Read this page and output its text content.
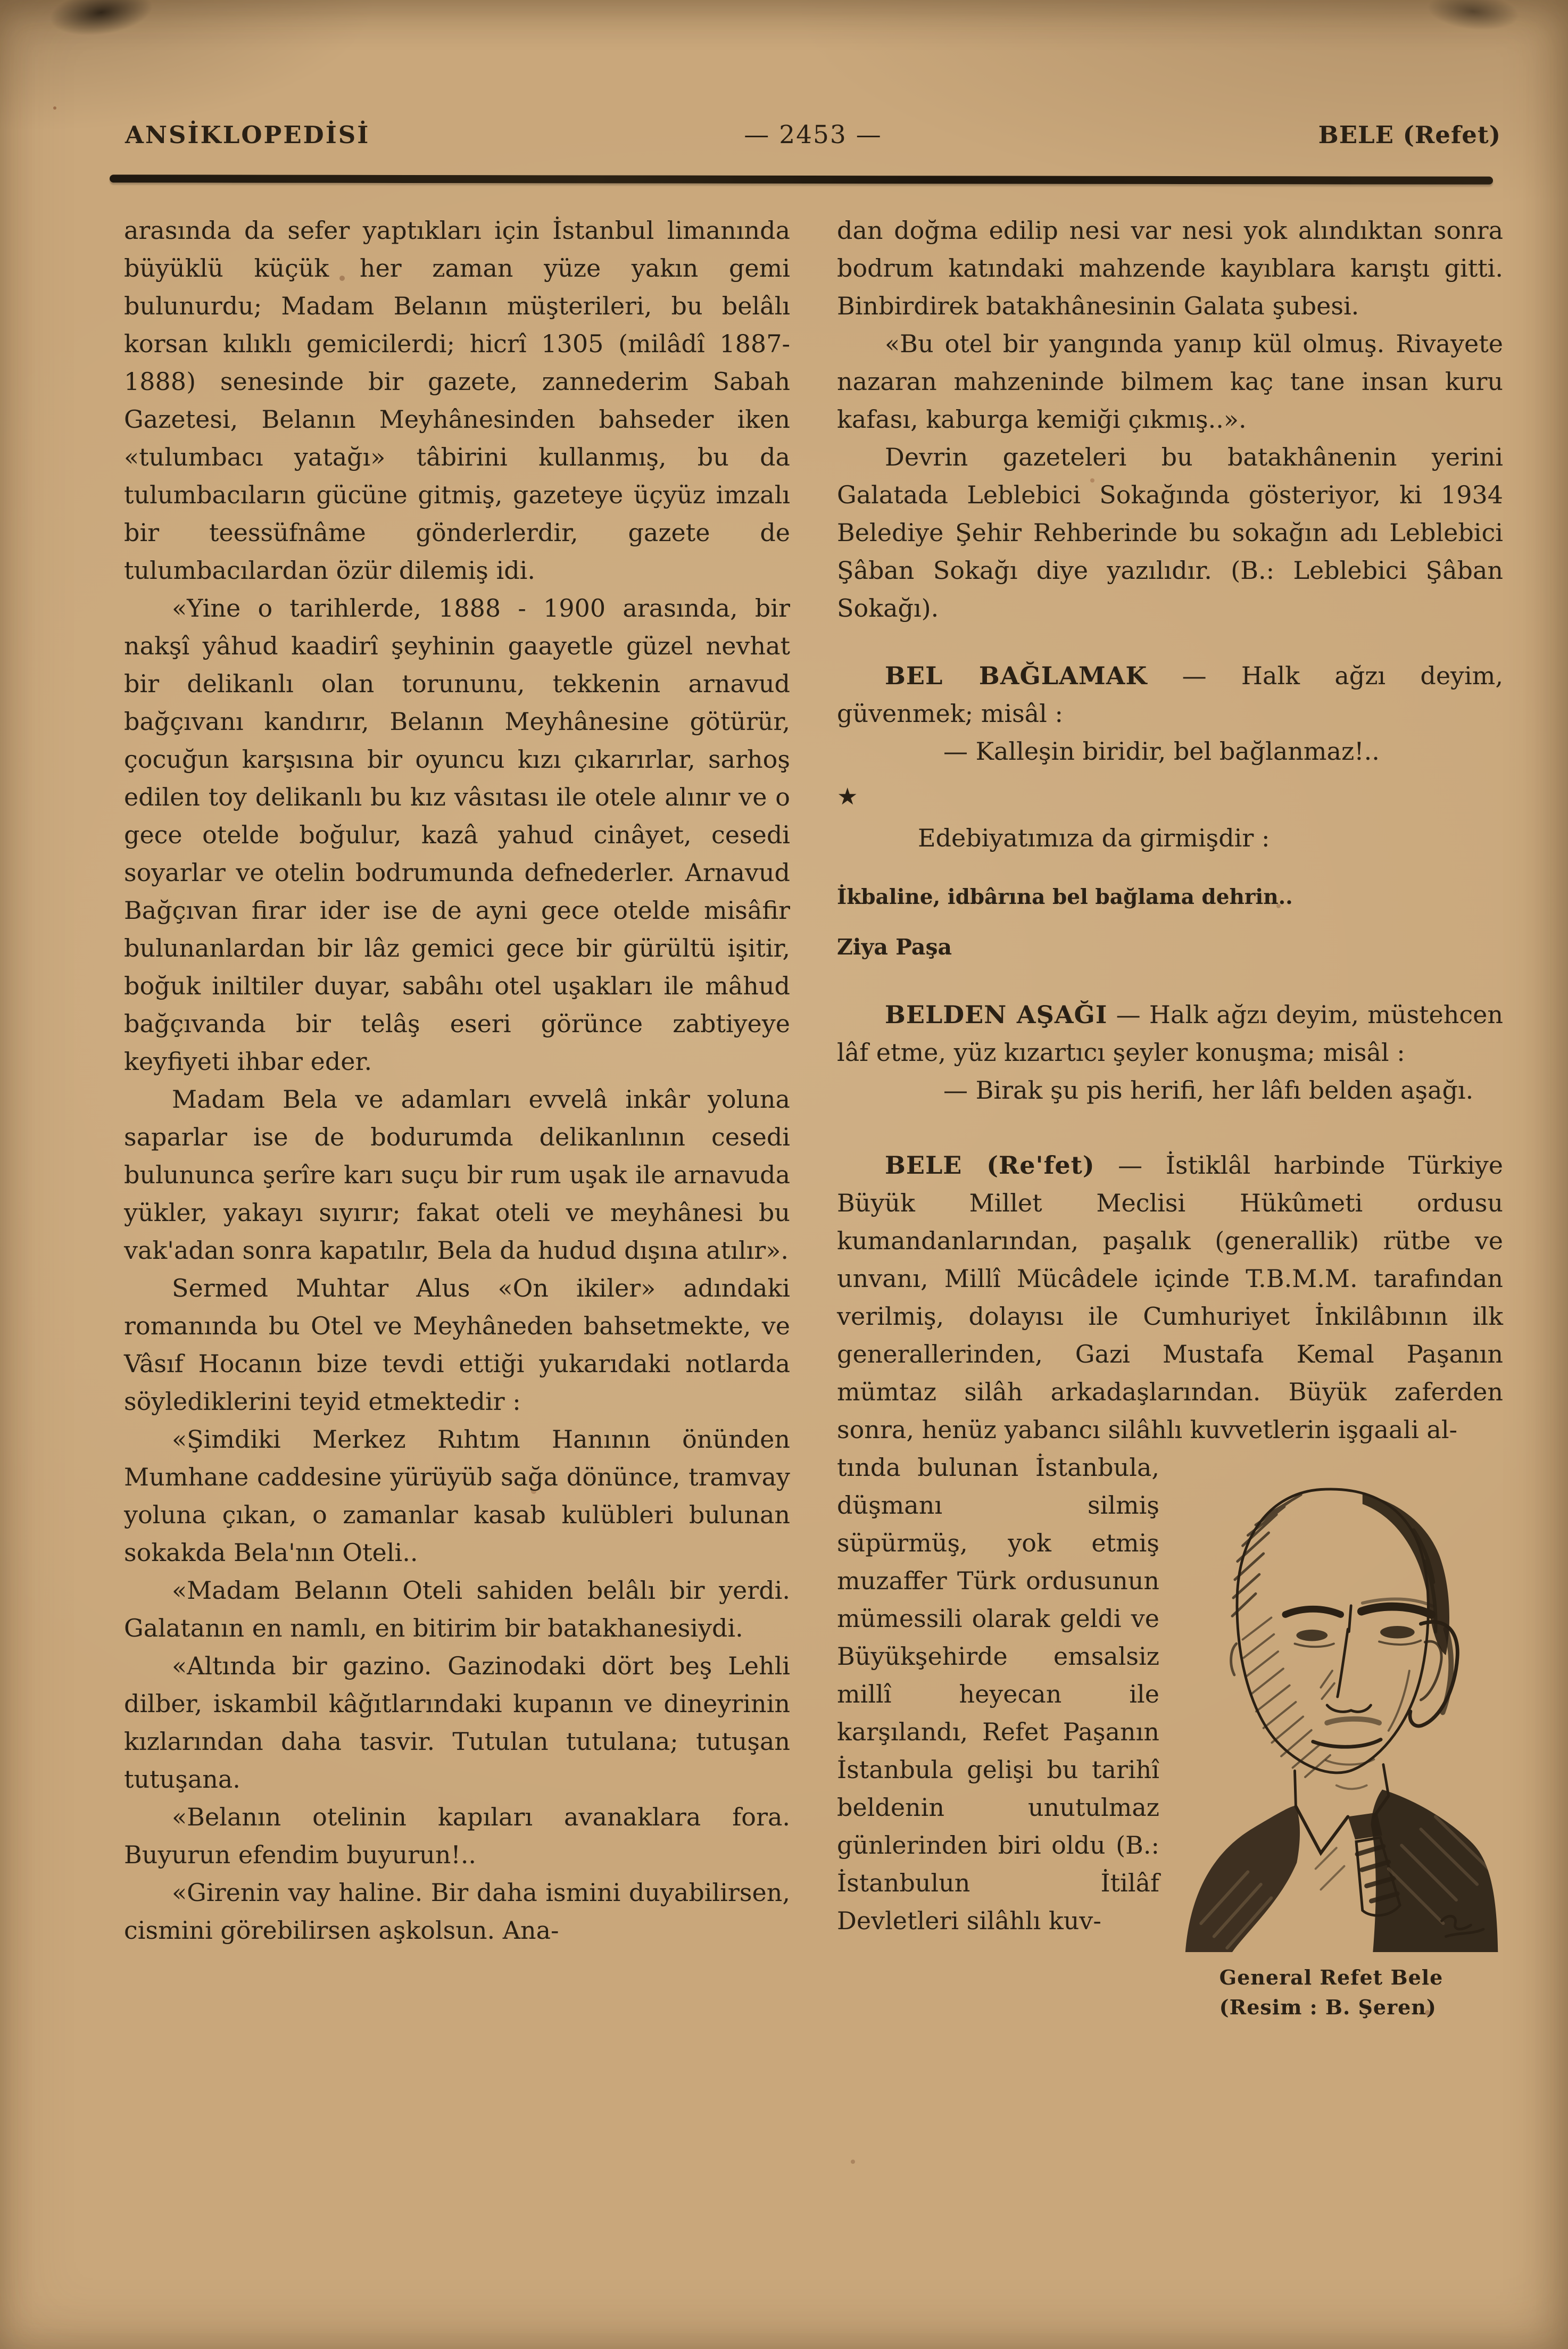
ANSİKLOPEDİSİ	— 2453 —	BELE (Refet)

arasında da sefer yaptıkları için İstanbul limanında büyüklü küçük her zaman yüze yakın gemi bulunurdu; Madam Belanın müşterileri, bu belâlı korsan kılıklı gemicilerdi; hicrî 1305 (milâdî 1887-1888) senesinde bir gazete, zannederim Sabah Gazetesi, Belanın Meyhânesinden bahseder iken «tulumbacı yatağı» tâbirini kullanmış, bu da tulumbacıların gücüne gitmiş, gazeteye üçyüz imzalı bir teessüfnâme gönderlerdir, gazete de tulumbacılardan özür dilemiş idi.

«Yine o tarihlerde, 1888 - 1900 arasında, bir nakşî yâhud kaadirî şeyhinin gaayetle güzel nevhat bir delikanlı olan torununu, tekkenin arnavud bağçıvanı kandırır, Belanın Meyhânesine götürür, çocuğun karşısına bir oyuncu kızı çıkarırlar, sarhoş edilen toy delikanlı bu kız vâsıtası ile otele alınır ve o gece otelde boğulur, kazâ yahud cinâyet, cesedi soyarlar ve otelin bodrumunda defnederler. Arnavud Bağçıvan firar ider ise de ayni gece otelde misâfir bulunanlardan bir lâz gemici gece bir gürültü işitir, boğuk iniltiler duyar, sabâhı otel uşakları ile mâhud bağçıvanda bir telâş eseri görünce zabtiyeye keyfiyeti ihbar eder.

Madam Bela ve adamları evvelâ inkâr yoluna saparlar ise de bodurumda delikanlının cesedi bulununca şerîre karı suçu bir rum uşak ile arnavuda yükler, yakayı sıyırır; fakat oteli ve meyhânesi bu vak'adan sonra kapatılır, Bela da hudud dışına atılır».

Sermed Muhtar Alus «On ikiler» adındaki romanında bu Otel ve Meyhâneden bahsetmekte, ve Vâsıf Hocanın bize tevdi ettiği yukarıdaki notlarda söylediklerini teyid etmektedir :

«Şimdiki Merkez Rıhtım Hanının önünden Mumhane caddesine yürüyüb sağa dönünce, tramvay yoluna çıkan, o zamanlar kasab kulübleri bulunan sokakda Bela'nın Oteli..

«Madam Belanın Oteli sahiden belâlı bir yerdi. Galatanın en namlı, en bitirim bir batakhanesiydi.

«Altında bir gazino. Gazinodaki dört beş Lehli dilber, iskambil kâğıtlarındaki kupanın ve dineyrinin kızlarından daha tasvir. Tutulan tutulana; tutuşan tutuşana.

«Belanın otelinin kapıları avanaklara fora. Buyurun efendim buyurun!..

«Girenin vay haline. Bir daha ismini duyabilirsen, cismini görebilirsen aşkolsun. Ana-

dan doğma edilip nesi var nesi yok alındıktan sonra bodrum katındaki mahzende kayıblara karıştı gitti. Binbirdirek batakhânesinin Galata şubesi.

«Bu otel bir yangında yanıp kül olmuş. Rivayete nazaran mahzeninde bilmem kaç tane insan kuru kafası, kaburga kemiği çıkmış..».

Devrin gazeteleri bu batakhânenin yerini Galatada Leblebici Sokağında gösteriyor, ki 1934 Belediye Şehir Rehberinde bu sokağın adı Leblebici Şâban Sokağı diye yazılıdır. (B.: Leblebici Şâban Sokağı).

BEL BAĞLAMAK — Halk ağzı deyim, güvenmek; misâl :

— Kalleşin biridir, bel bağlanmaz!..

★

Edebiyatımıza da girmişdir :

İkbaline, idbârına bel bağlama dehrin..

Ziya Paşa

BELDEN AŞAĞI — Halk ağzı deyim, müstehcen lâf etme, yüz kızartıcı şeyler konuşma; misâl :

— Birak şu pis herifi, her lâfı belden aşağı.

BELE (Re'fet) — İstiklâl harbinde Türkiye Büyük Millet Meclisi Hükûmeti ordusu kumandanlarından, paşalık (generallik) rütbe ve unvanı, Millî Mücâdele içinde T.B.M.M. tarafından verilmiş, dolayısı ile Cumhuriyet İnkilâbının ilk generallerinden, Gazi Mustafa Kemal Paşanın mümtaz silâh arkadaşlarından. Büyük zaferden sonra, henüz yabancı silâhlı kuvvetlerin işgaali al-

tında bulunan İstanbula, düşmanı silmiş süpürmüş, yok etmiş muzaffer Türk ordusunun mümessili olarak geldi ve Büyükşehirde emsalsiz millî heyecan ile karşılandı, Refet Paşanın İstanbula gelişi bu tarihî beldenin unutulmaz günlerinden biri oldu (B.: İstanbulun İtilâf Devletleri silâhlı kuv-

General Refet Bele
(Resim : B. Şeren)
